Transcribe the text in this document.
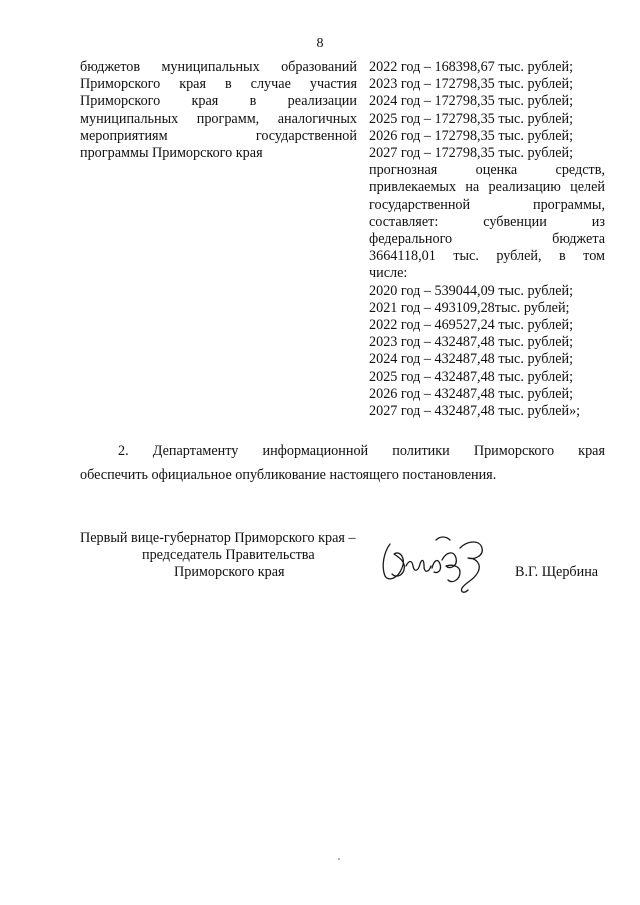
8
бюджетов муниципальных образований
Приморского края в случае участия
Приморского края в реализации
муниципальных программ, аналогичных
мероприятиям государственной
программы Приморского края
2022 год – 168398,67 тыс. рублей;
2023 год – 172798,35 тыс. рублей;
2024 год – 172798,35 тыс. рублей;
2025 год – 172798,35 тыс. рублей;
2026 год – 172798,35 тыс. рублей;
2027 год – 172798,35 тыс. рублей;
прогнозная оценка средств,
привлекаемых на реализацию целей
государственной программы,
составляет: субвенции из
федерального бюджета
3664118,01 тыс. рублей, в том
числе:
2020 год – 539044,09 тыс. рублей;
2021 год – 493109,28тыс. рублей;
2022 год – 469527,24 тыс. рублей;
2023 год – 432487,48 тыс. рублей;
2024 год – 432487,48 тыс. рублей;
2025 год – 432487,48 тыс. рублей;
2026 год – 432487,48 тыс. рублей;
2027 год – 432487,48 тыс. рублей»;
2. Департаменту информационной политики Приморского края
обеспечить официальное опубликование настоящего постановления.
Первый вице-губернатор Приморского края –
председатель Правительства
Приморского края	В.Г. Щербина
